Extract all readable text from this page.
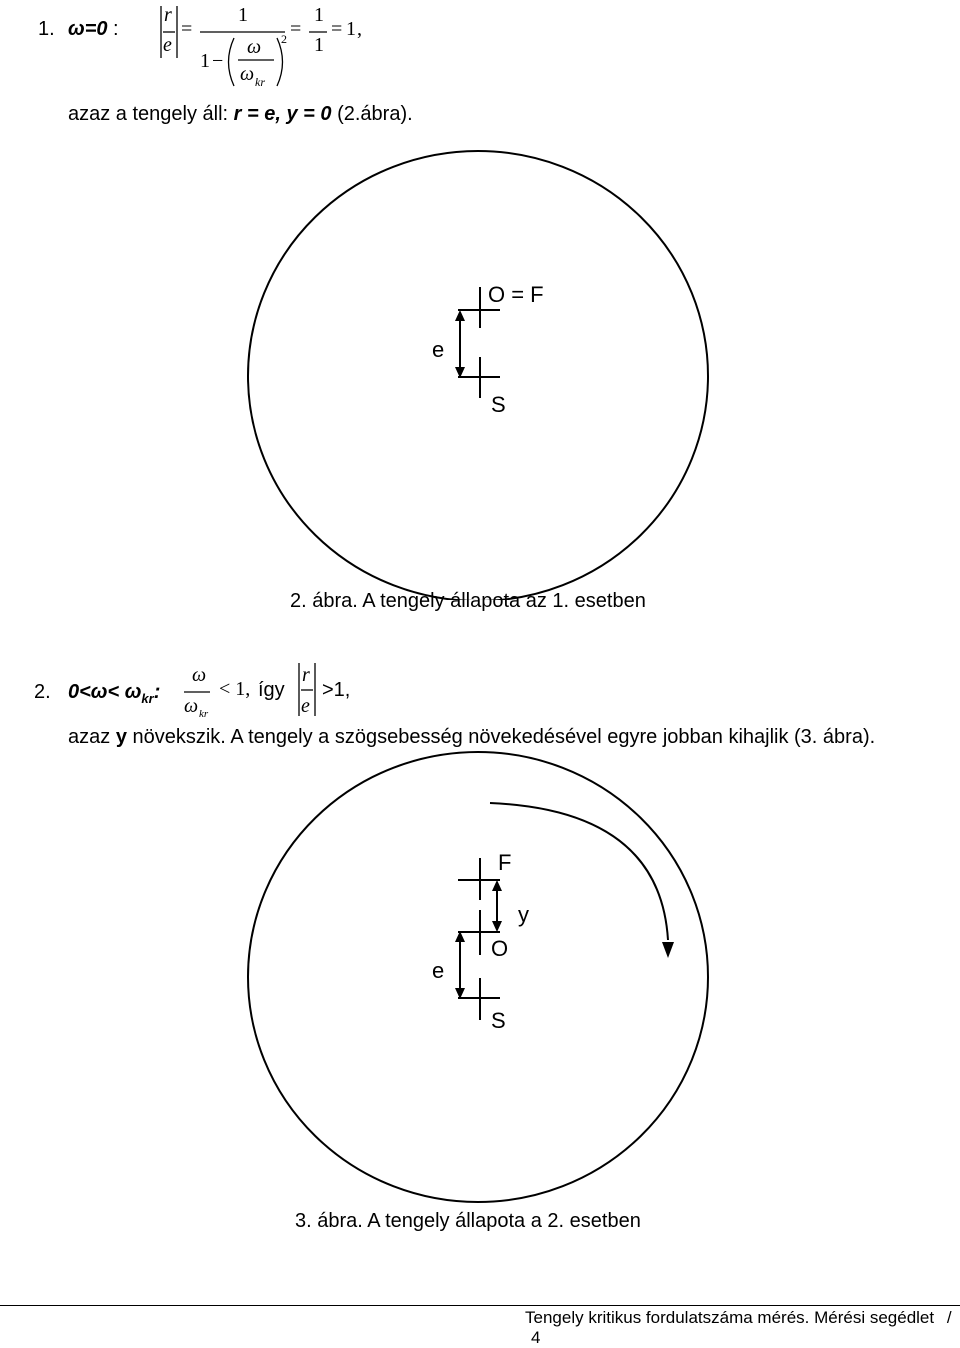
1. ω=0 :
r
e
=
1
1 −
ω
ω kr
2 =
1
1
= 1 ,
azaz a tengely áll: r = e, y = 0 (2.ábra).
O = F
e
S
2. ábra. A tengely állapota az 1. esetben
2. $0<\omega< \omega_{kr}$:
ω
ω kr
< 1, így
r
e
>1,
azaz y növekszik. A tengely a szögsebesség növekedésével egyre jobban kihajlik (3. ábra).
F
y
O
e
S
3. ábra. A tengely állapota a 2. esetben
Tengely kritikus fordulatszáma mérés. Mérési segédlet / 4
